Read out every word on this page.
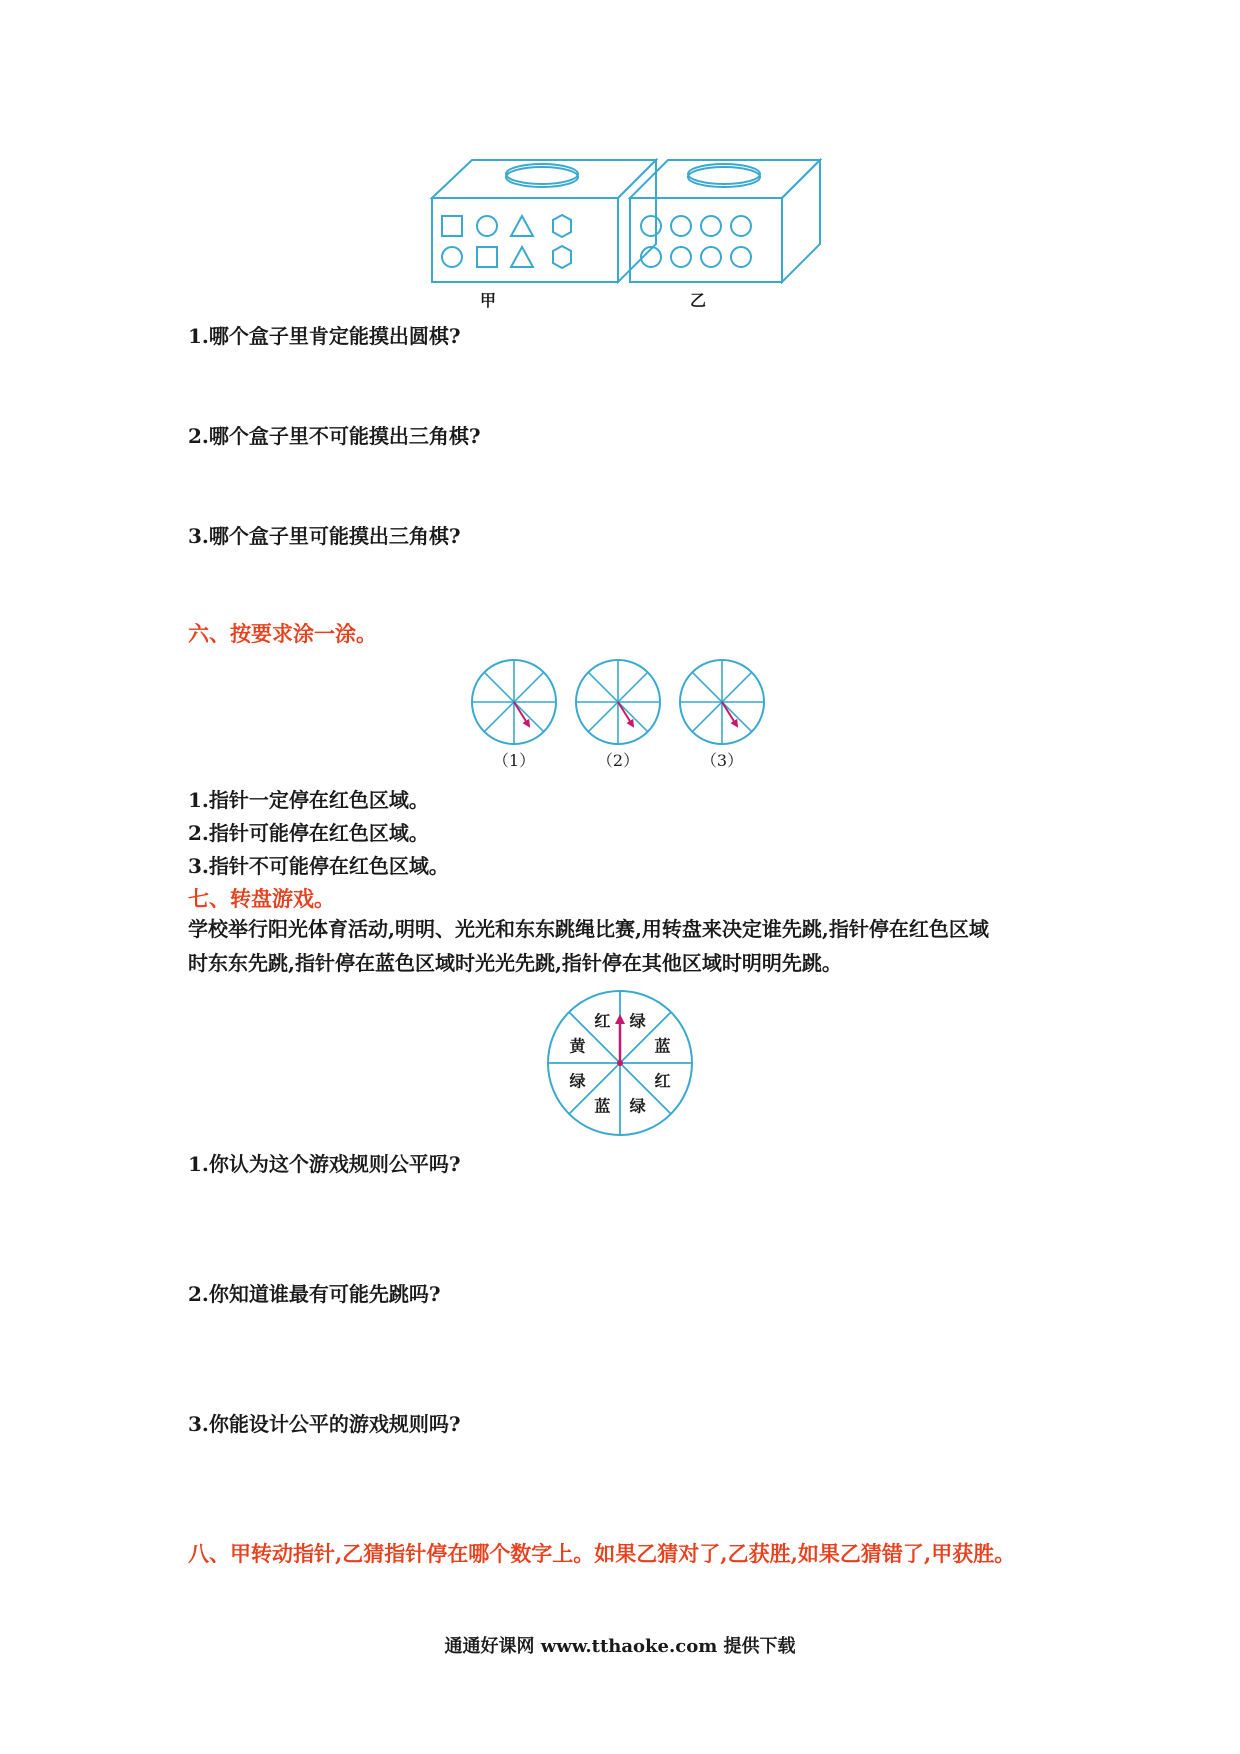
甲	乙
1.哪个盒子里肯定能摸出圆棋?
2.哪个盒子里不可能摸出三角棋?
3.哪个盒子里可能摸出三角棋?
六、按要求涂一涂。
（1）	（2）	（3）
1.指针一定停在红色区域。
2.指针可能停在红色区域。
3.指针不可能停在红色区域。
七、转盘游戏。
学校举行阳光体育活动,明明、光光和东东跳绳比赛,用转盘来决定谁先跳,指针停在红色区域
时东东先跳,指针停在蓝色区域时光光先跳,指针停在其他区域时明明先跳。
红 绿
蓝
红
绿
蓝
绿
黄
1.你认为这个游戏规则公平吗?
2.你知道谁最有可能先跳吗?
3.你能设计公平的游戏规则吗?
八、甲转动指针,乙猜指针停在哪个数字上。如果乙猜对了,乙获胜,如果乙猜错了,甲获胜。
通通好课网 www.tthaoke.com 提供下载
